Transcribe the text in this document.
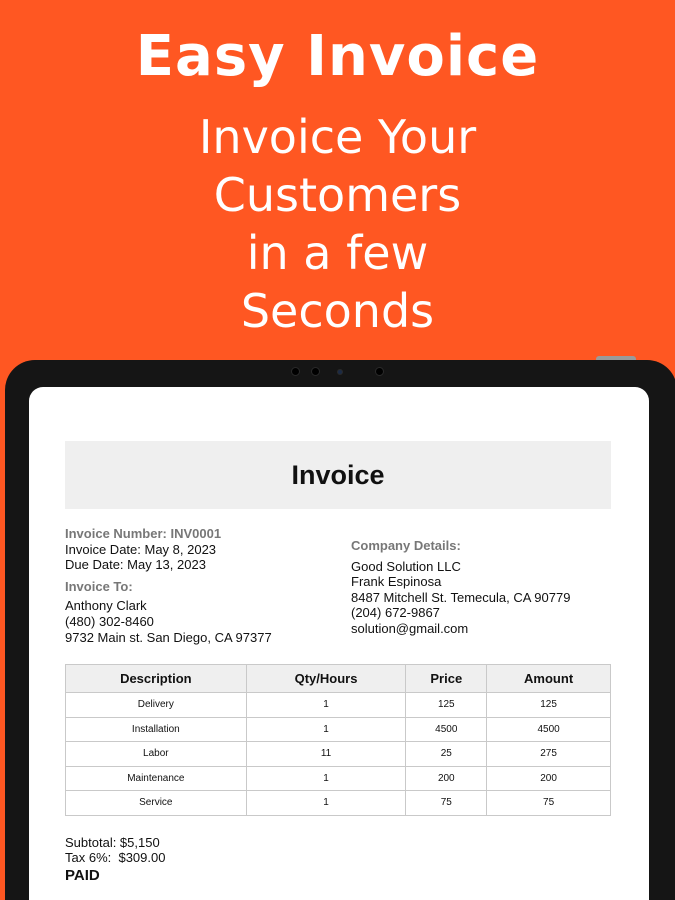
Easy Invoice
Invoice Your
Customers
in a few
Seconds
Invoice
Invoice Number: INV0001
Invoice Date: May 8, 2023
Due Date: May 13, 2023
Invoice To:
Anthony Clark
(480) 302-8460
9732 Main st. San Diego, CA 97377
Company Details:
Good Solution LLC
Frank Espinosa
8487 Mitchell St. Temecula, CA 90779
(204) 672-9867
solution@gmail.com
Description	Qty/Hours	Price	Amount
Delivery	1	125	125
Installation	1	4500	4500
Labor	11	25	275
Maintenance	1	200	200
Service	1	75	75
Subtotal: $5,150
Tax 6%:  $309.00
PAID
